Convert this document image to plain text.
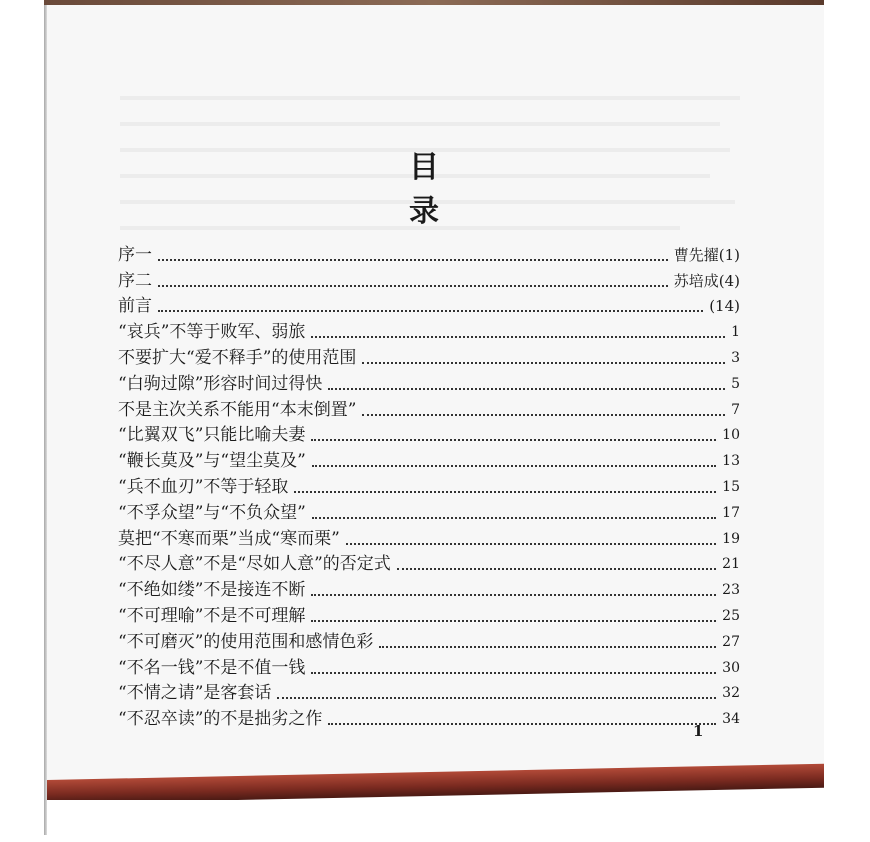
目　录
序一	曹先擢(1)
序二	苏培成(4)
前言	(14)
“哀兵”不等于败军、弱旅	1
不要扩大“爱不释手”的使用范围	3
“白驹过隙”形容时间过得快	5
不是主次关系不能用“本末倒置”	7
“比翼双飞”只能比喻夫妻	10
“鞭长莫及”与“望尘莫及”	13
“兵不血刃”不等于轻取	15
“不孚众望”与“不负众望”	17
莫把“不寒而栗”当成“寒而栗”	19
“不尽人意”不是“尽如人意”的否定式	21
“不绝如缕”不是接连不断	23
“不可理喻”不是不可理解	25
“不可磨灭”的使用范围和感情色彩	27
“不名一钱”不是不值一钱	30
“不情之请”是客套话	32
“不忍卒读”的不是拙劣之作	34
1
